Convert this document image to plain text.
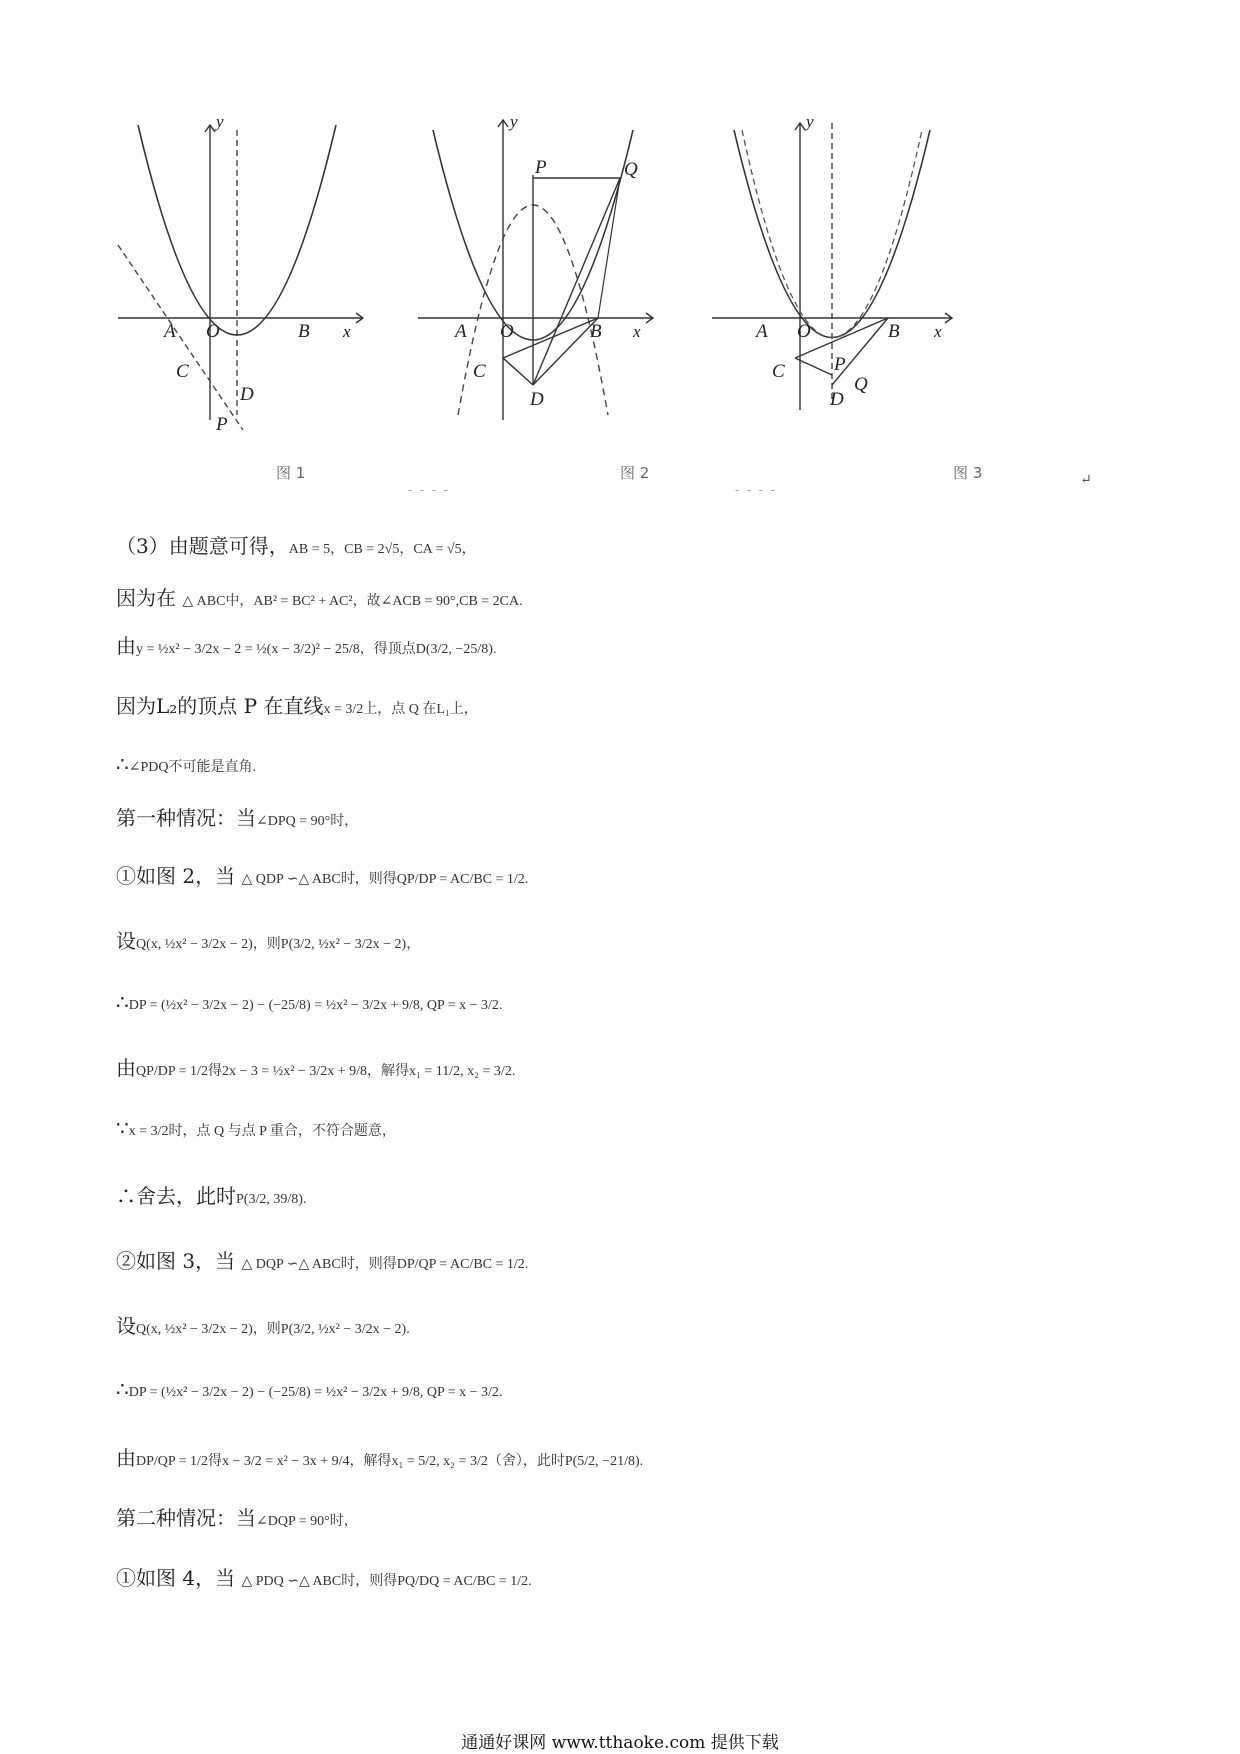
y
x
O
A	B
C
D
P
y
x
O
A	B
C
D
P	Q
y
x
O
A	B
C
D
P
Q
图 1	图 2	图 3
- - - -	- - - -
↵
（3）由题意可得，AB = 5，CB = 2√5，CA = √5，
因为在 △ ABC中，AB² = BC² + AC²，故∠ACB = 90°,CB = 2CA.
由y = ½x² − 3/2x − 2 = ½(x − 3/2)² − 25/8，得顶点D(3/2, −25/8).
因为L₂的顶点 P 在直线x = 3/2上，点 Q 在L₁上，
∴∠PDQ不可能是直角.
第一种情况：当∠DPQ = 90°时，
①如图 2，当 △ QDP ∽△ ABC时，则得QP/DP = AC/BC = 1/2.
设Q(x, ½x² − 3/2x − 2)，则P(3/2, ½x² − 3/2x − 2)，
∴DP = (½x² − 3/2x − 2) − (−25/8) = ½x² − 3/2x + 9/8, QP = x − 3/2.
由QP/DP = 1/2得2x − 3 = ½x² − 3/2x + 9/8，解得x₁ = 11/2, x₂ = 3/2.
∵x = 3/2时，点 Q 与点 P 重合，不符合题意，
∴舍去，此时P(3/2, 39/8).
②如图 3，当 △ DQP ∽△ ABC时，则得DP/QP = AC/BC = 1/2.
设Q(x, ½x² − 3/2x − 2)，则P(3/2, ½x² − 3/2x − 2).
∴DP = (½x² − 3/2x − 2) − (−25/8) = ½x² − 3/2x + 9/8, QP = x − 3/2.
由DP/QP = 1/2得x − 3/2 = x² − 3x + 9/4，解得x₁ = 5/2, x₂ = 3/2（舍），此时P(5/2, −21/8).
第二种情况：当∠DQP = 90°时，
①如图 4，当 △ PDQ ∽△ ABC时，则得PQ/DQ = AC/BC = 1/2.
通通好课网 www.tthaoke.com 提供下载
